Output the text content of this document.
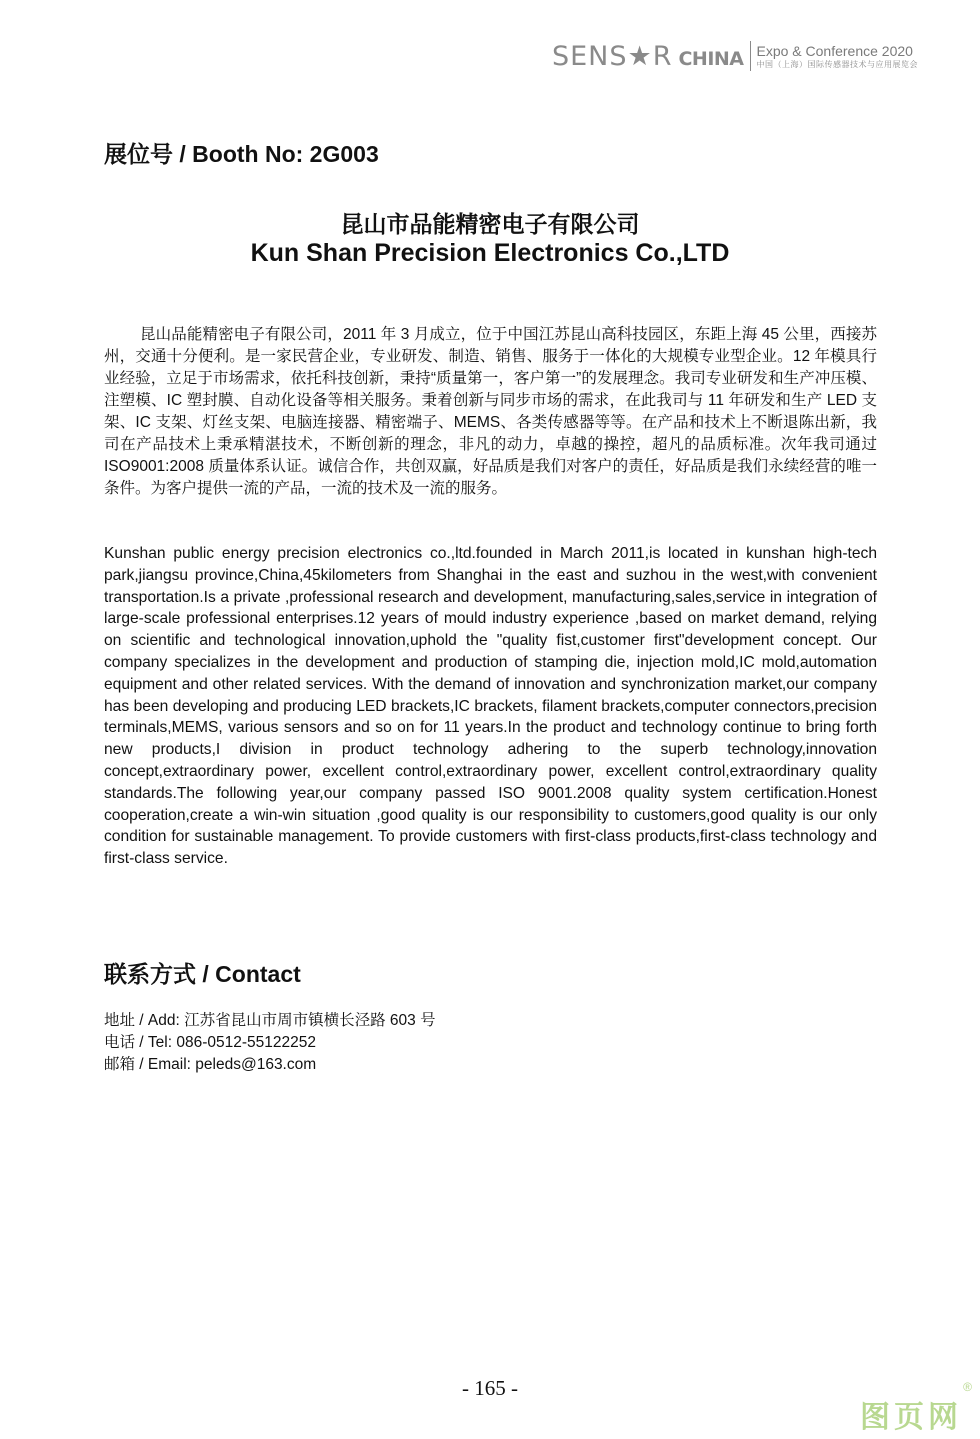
SENS★R CHINA Expo & Conference 2020
中国（上海）国际传感器技术与应用展览会
展位号 / Booth No: 2G003
昆山市品能精密电子有限公司
Kun Shan Precision Electronics Co.,LTD

昆山品能精密电子有限公司，2011 年 3 月成立，位于中国江苏昆山高科技园区，东距上海 45 公里，西接苏州，交通十分便利。是一家民营企业，专业研发、制造、销售、服务于一体化的大规模专业型企业。12 年模具行业经验，立足于市场需求，依托科技创新，秉持“质量第一，客户第一”的发展理念。我司专业研发和生产冲压模、注塑模、IC 塑封膜、自动化设备等相关服务。秉着创新与同步市场的需求，在此我司与 11 年研发和生产 LED 支架、IC 支架、灯丝支架、电脑连接器、精密端子、MEMS、各类传感器等等。在产品和技术上不断退陈出新，我司在产品技术上秉承精湛技术，不断创新的理念，非凡的动力，卓越的操控，超凡的品质标准。次年我司通过 ISO9001:2008 质量体系认证。诚信合作，共创双赢，好品质是我们对客户的责任，好品质是我们永续经营的唯一条件。为客户提供一流的产品，一流的技术及一流的服务。

Kunshan public energy precision electronics co.,ltd.founded in March 2011,is located in kunshan high-tech park,jiangsu province,China,45kilometers from Shanghai in the east and suzhou in the west,with convenient transportation.Is a private ,professional research and development, manufacturing,sales,service in integration of large-scale professional enterprises.12 years of mould industry experience ,based on market demand, relying on scientific and technological innovation,uphold the "quality fist,customer first"development concept. Our company specializes in the development and production of stamping die, injection mold,IC mold,automation equipment and other related services. With the demand of innovation and synchronization market,our company has been developing and producing LED brackets,IC brackets, filament brackets,computer connectors,precision terminals,MEMS, various sensors and so on for 11 years.In the product and technology continue to bring forth new products,I division in product technology adhering to the superb technology,innovation concept,extraordinary power, excellent control,extraordinary power, excellent control,extraordinary quality standards.The following year,our company passed ISO 9001.2008 quality system certification.Honest cooperation,create a win-win situation ,good quality is our responsibility to customers,good quality is our only condition for sustainable management. To provide customers with first-class products,first-class technology and first-class service.

联系方式 / Contact
地址 / Add: 江苏省昆山市周市镇横长泾路 603 号
电话 / Tel: 086-0512-55122252
邮箱 / Email: peleds@163.com
- 165 -
图页网
®
